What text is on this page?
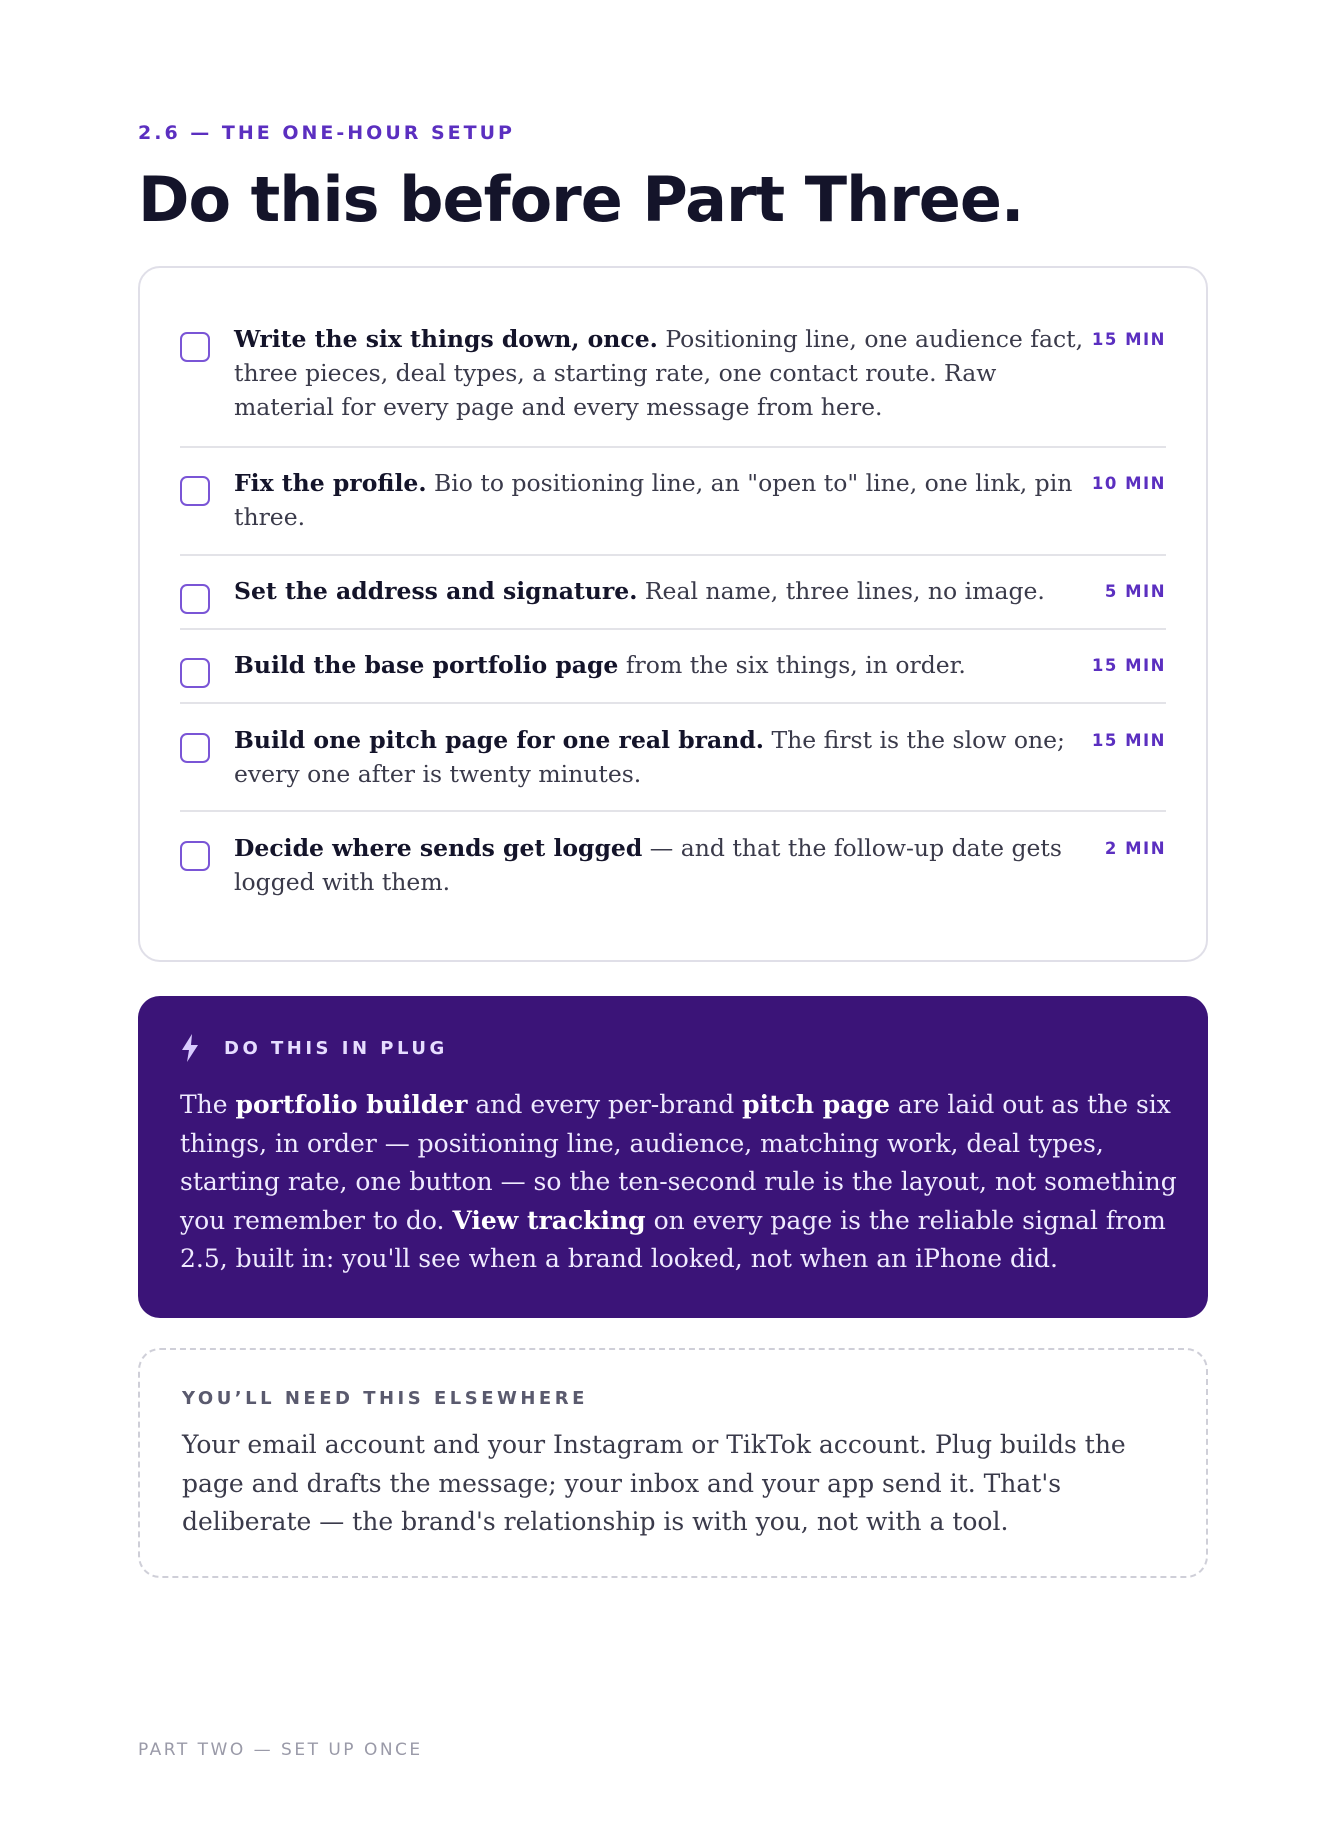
2.6 — THE ONE-HOUR SETUP
Do this before Part Three.
Write the six things down, once. Positioning line, one audience fact, three pieces, deal types, a starting rate, one contact route. Raw material for every page and every message from here.
15 MIN
Fix the profile. Bio to positioning line, an "open to" line, one link, pin three.
10 MIN
Set the address and signature. Real name, three lines, no image.	5 MIN
Build the base portfolio page from the six things, in order.	15 MIN
Build one pitch page for one real brand. The first is the slow one; every one after is twenty minutes.
15 MIN
Decide where sends get logged — and that the follow-up date gets logged with them.
2 MIN
DO THIS IN PLUG

The portfolio builder and every per-brand pitch page are laid out as the six things, in order — positioning line, audience, matching work, deal types, starting rate, one button — so the ten-second rule is the layout, not something you remember to do. View tracking on every page is the reliable signal from 2.5, built in: you'll see when a brand looked, not when an iPhone did.

YOU’LL NEED THIS ELSEWHERE

Your email account and your Instagram or TikTok account. Plug builds the page and drafts the message; your inbox and your app send it. That's deliberate — the brand's relationship is with you, not with a tool.

PART TWO — SET UP ONCE
